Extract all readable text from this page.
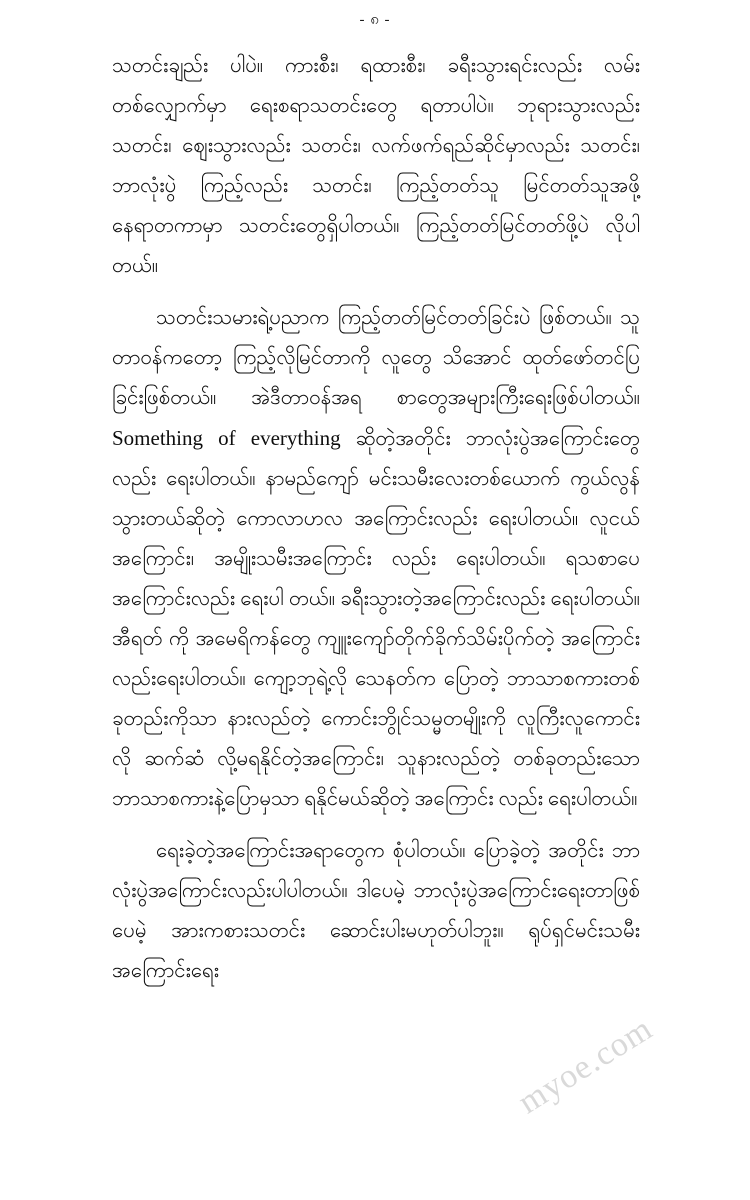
- ၈ -

သတင်းချည်း ပါပဲ။ ကားစီး၊ ရထားစီး၊ ခရီးသွားရင်းလည်း လမ်းတစ်လျှောက်မှာ ရေးစရာသတင်းတွေ ရတာပါပဲ။ ဘုရားသွားလည်း သတင်း၊ ဈေးသွားလည်း သတင်း၊ လက်ဖက်ရည်ဆိုင်မှာလည်း သတင်း၊ ဘာလုံးပွဲ ကြည့်လည်း သတင်း၊ ကြည့်တတ်သူ မြင်တတ်သူအဖို့ နေရာတကာမှာ သတင်းတွေရှိပါတယ်။ ကြည့်တတ်မြင်တတ်ဖို့ပဲ လိုပါတယ်။

သတင်းသမားရဲ့ပညာက ကြည့်တတ်မြင်တတ်ခြင်းပဲ ဖြစ်တယ်။ သူတာဝန်ကတော့ ကြည့်လိုမြင်တာကို လူတွေ သိအောင် ထုတ်ဖော်တင်ပြခြင်းဖြစ်တယ်။ အဲဒီတာဝန်အရ စာတွေအများကြီးရေးဖြစ်ပါတယ်။ Something of everything ဆိုတဲ့အတိုင်း ဘာလုံးပွဲအကြောင်းတွေလည်း ရေးပါတယ်။ နာမည်ကျော် မင်းသမီးလေးတစ်ယောက် ကွယ်လွန်သွားတယ်ဆိုတဲ့ ကောလာဟလ အကြောင်းလည်း ရေးပါတယ်။ လူငယ်အကြောင်း၊ အမျိုးသမီးအကြောင်း လည်း ရေးပါတယ်။ ရသစာပေအကြောင်းလည်း ရေးပါ တယ်။ ခရီးသွားတဲ့အကြောင်းလည်း ရေးပါတယ်။ အီရတ် ကို အမေရိကန်တွေ ကျူးကျော်တိုက်ခိုက်သိမ်းပိုက်တဲ့ အကြောင်းလည်းရေးပါတယ်။ ကျော့ဘုရဲ့လို သေနတ်က ပြောတဲ့ ဘာသာစကားတစ်ခုတည်းကိုသာ နားလည်တဲ့ ကောင်းဘွိုင်သမ္မတမျိုးကို လူကြီးလူကောင်းလို ဆက်ဆံ လို့မရနိုင်တဲ့အကြောင်း၊ သူနားလည်တဲ့ တစ်ခုတည်းသော ဘာသာစကားနဲ့ပြောမှသာ ရနိုင်မယ်ဆိုတဲ့ အကြောင်း လည်း ရေးပါတယ်။

ရေးခဲ့တဲ့အကြောင်းအရာတွေက စုံပါတယ်။ ပြောခဲ့တဲ့ အတိုင်း ဘာလုံးပွဲအကြောင်းလည်းပါပါတယ်။ ဒါပေမဲ့ ဘာလုံးပွဲအကြောင်းရေးတာဖြစ်ပေမဲ့ အားကစားသတင်း ဆောင်းပါးမဟုတ်ပါဘူး။ ရုပ်ရှင်မင်းသမီး အကြောင်းရေး

myoe.com
